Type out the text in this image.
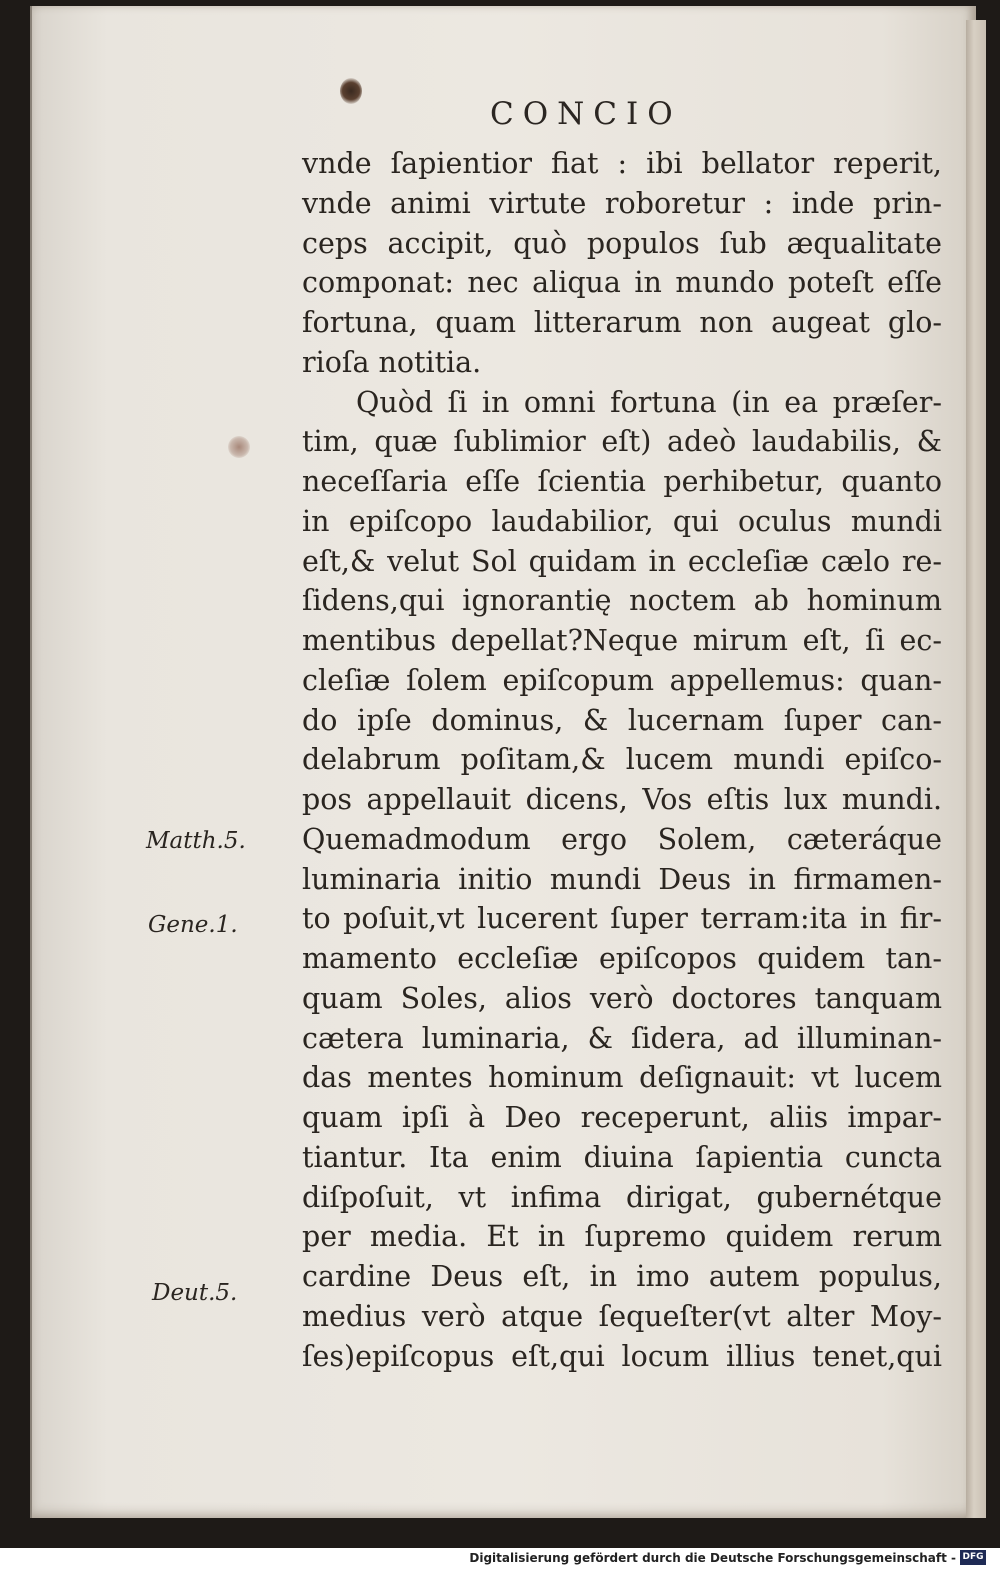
CONCIO
vnde ſapientior fiat : ibi bellator reperit,
vnde animi virtute roboretur : inde prin-
ceps accipit, quò populos ſub æqualitate
componat: nec aliqua in mundo poteſt eſſe
fortuna, quam litterarum non augeat glo-
rioſa notitia.
Quòd ſi in omni fortuna (in ea præſer-
tim, quæ ſublimior eſt) adeò laudabilis, &
neceſſaria eſſe ſcientia perhibetur, quanto
in epiſcopo laudabilior, qui oculus mundi
eſt,& velut Sol quidam in eccleſiæ cælo re-
ſidens,qui ignorantię noctem ab hominum
mentibus depellat?Neque mirum eſt, ſi ec-
cleſiæ ſolem epiſcopum appellemus: quan-
do ipſe dominus, & lucernam ſuper can-
delabrum poſitam,& lucem mundi epiſco-
pos appellauit dicens, Vos eſtis lux mundi.
Quemadmodum ergo Solem, cæteráque
luminaria initio mundi Deus in firmamen-
to poſuit,vt lucerent ſuper terram:ita in fir-
mamento eccleſiæ epiſcopos quidem tan-
quam Soles, alios verò doctores tanquam
cætera luminaria, & ſidera, ad illuminan-
das mentes hominum deſignauit: vt lucem
quam ipſi à Deo receperunt, aliis impar-
tiantur. Ita enim diuina ſapientia cuncta
diſpoſuit, vt infima dirigat, gubernétque
per media. Et in ſupremo quidem rerum
cardine Deus eſt, in imo autem populus,
medius verò atque ſequeſter(vt alter Moy-
ſes)epiſcopus eſt,qui locum illius tenet,qui
Matth.5.
Gene.1.
Deut.5.
Digitalisierung gefördert durch die Deutsche Forschungsgemeinschaft - DFG
